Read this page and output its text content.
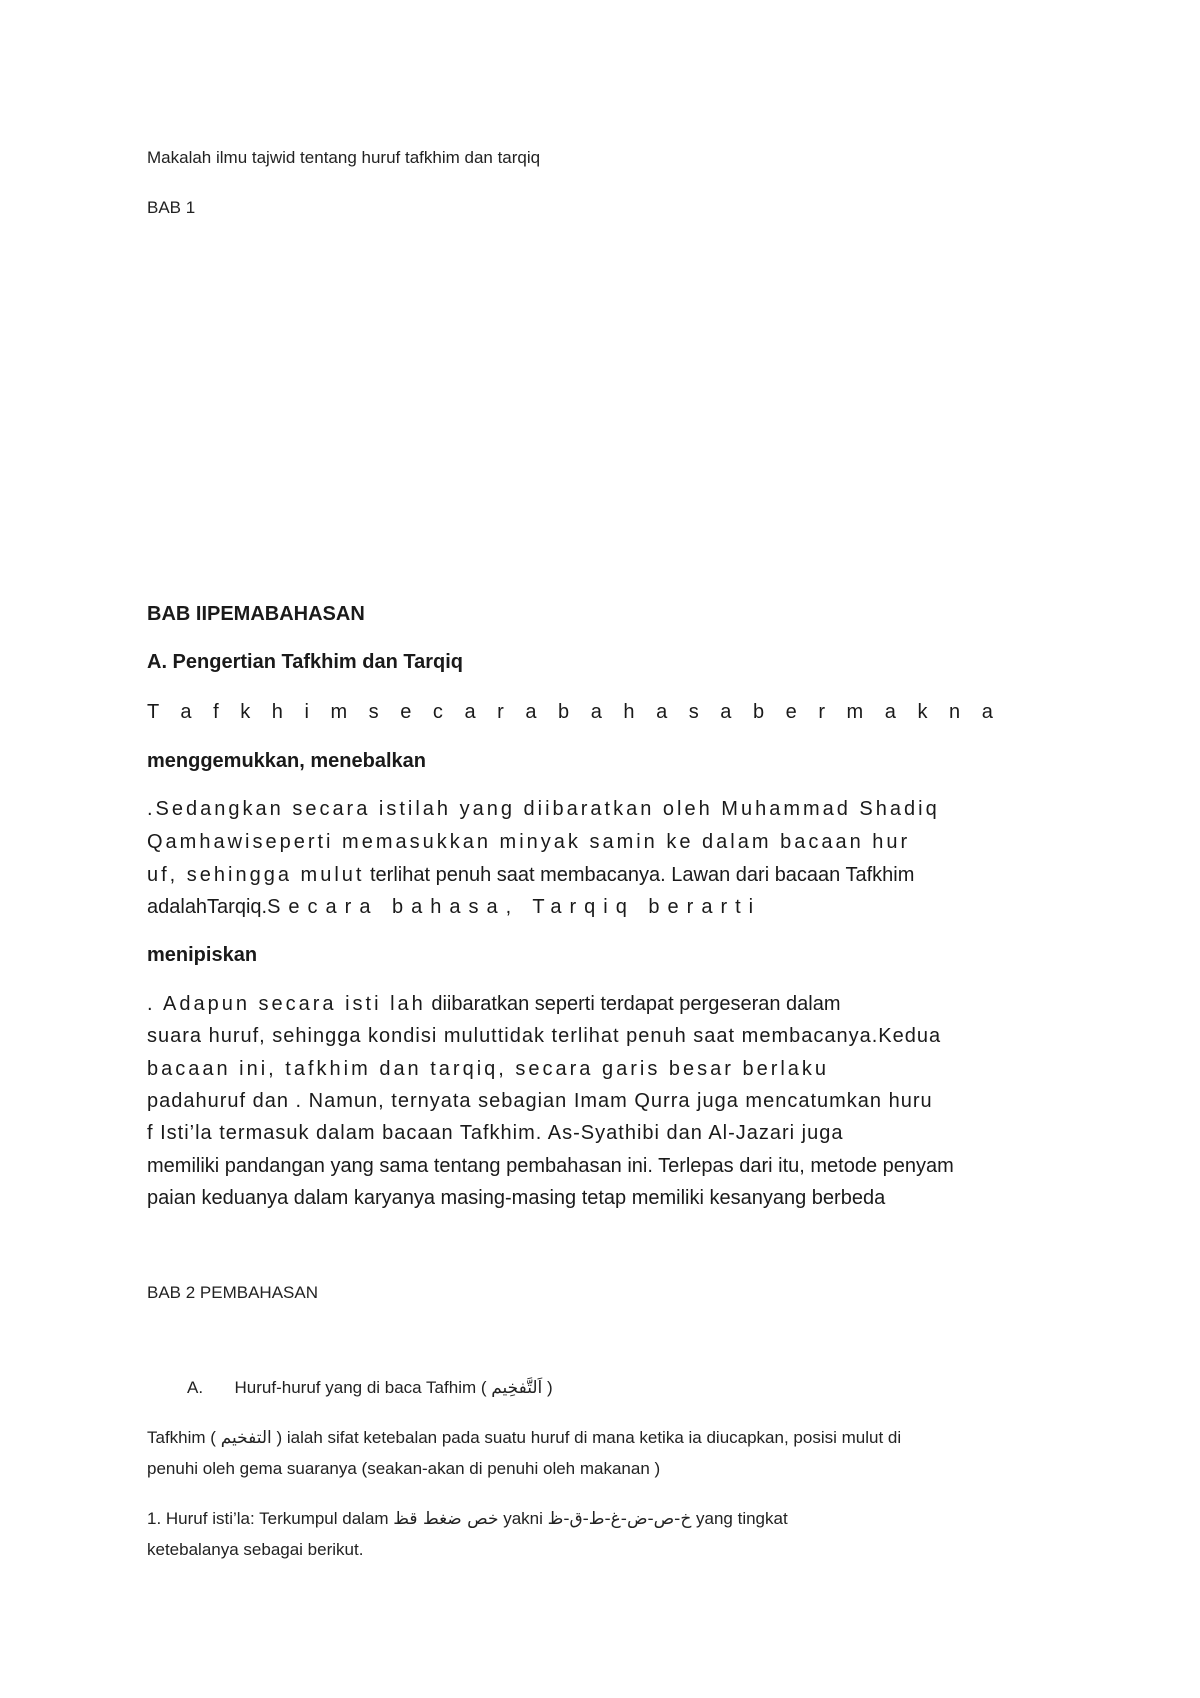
Makalah ilmu tajwid tentang huruf tafkhim dan tarqiq
BAB 1
BAB IIPEMABAHASAN
A. Pengertian Tafkhim dan Tarqiq
T a f k h i m s e c a r a b a h a s a b e r m a k n a
menggemukkan, menebalkan
.Sedangkan secara istilah yang diibaratkan oleh Muhammad Shadiq
Qamhawiseperti memasukkan minyak samin ke dalam bacaan hur
uf, sehingga mulut terlihat penuh saat membacanya. Lawan dari bacaan Tafkhim
adalahTarqiq.Secara bahasa, Tarqiq berarti
menipiskan
. Adapun secara isti lah diibaratkan seperti terdapat pergeseran dalam
suara huruf, sehingga kondisi muluttidak terlihat penuh saat membacanya.Kedua
bacaan ini, tafkhim dan tarqiq, secara garis besar berlaku
padahuruf dan . Namun, ternyata sebagian Imam Qurra juga mencatumkan huru
f Isti’la termasuk dalam bacaan Tafkhim. As-Syathibi dan Al-Jazari juga
memiliki pandangan yang sama tentang pembahasan ini. Terlepas dari itu, metode penyam
paian keduanya dalam karyanya masing-masing tetap memiliki kesanyang berbeda
BAB 2 PEMBAHASAN
A. Huruf-huruf yang di baca Tafhim ( اَلتَّفخِيم )
Tafkhim ( التفخيم ) ialah sifat ketebalan pada suatu huruf di mana ketika ia diucapkan, posisi mulut di
penuhi oleh gema suaranya (seakan-akan di penuhi oleh makanan )
1. Huruf isti’la: Terkumpul dalam خص ضغط قظ yakni خ-ص-ض-غ-ط-ق-ظ yang tingkat
ketebalanya sebagai berikut.
